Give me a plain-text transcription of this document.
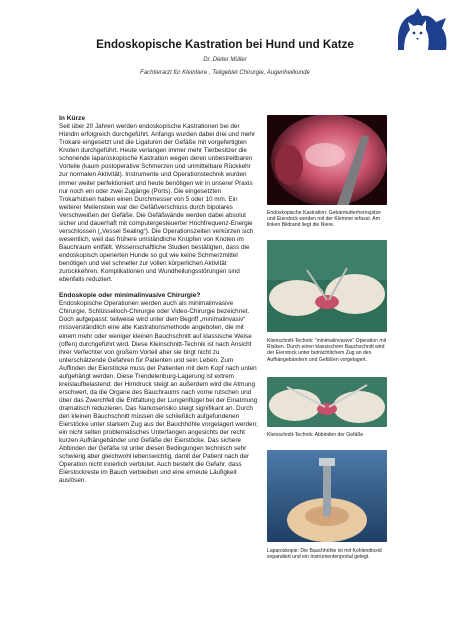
Endoskopische Kastration bei Hund und Katze
Dr. Dieter Müller
Fachtierarzt für Kleintiere , Teilgebiet Chirurgie, Augenheilkunde
In Kürze

Seit über 20 Jahren werden endoskopische Kastrationen bei der Hündin erfolgreich durchgeführt. Anfangs wurden dabei drei und mehr Trokare eingesetzt und die Ligaturen der Gefäße mit vorgefertigten Knoten durchgeführt. Heute verlangen immer mehr Tierbesitzer die schonende laparoskopische Kastration wegen deren unbestreitbaren Vorteile (kaum postoperative Schmerzen und unmittelbare Rückkehr zur normalen Aktivität). Instrumente und Operationstechnik wurden immer weiter perfektioniert und heute benötigen wir in unserer Praxis nur noch ein oder zwei Zugänge (Ports). Die eingesetzten Trokarhülsen haben einen Durchmesser von 5 oder 10 mm. Ein weiterer Meilenstein war der Gefäßverschluss durch bipolares Verschweißen der Gefäße. Die Gefäßwände werden dabei absolut sicher und dauerhaft mit computergesteuerter Hochfrequenz-Energie verschlossen („Vessel Sealing“). Die Operationszeiten verkürzen sich wesentlich, weil das frühere umständliche Knüpfen von Knoten im Bauchraum entfällt. Wissenschaftliche Studien bestätigten, dass die endoskopisch operierten Hunde so gut wie keine Schmerzmittel benötigen und viel schneller zur vollen körperlichen Aktivität zurückkehren. Komplikationen und Wundheilungsstörungen sind ebenfalls reduziert.

Endoskopie oder minimalinvasive Chirurgie?

Endoskopische Operationen werden auch als minimalinvasive Chirurgie, Schlüsselloch-Chirurgie oder Video-Chirurgie bezeichnet. Doch aufgepasst: teilweise wird unter dem Begriff „minimalinvasiv“ missverständlich eine alte Kastrationsmethode angeboten, die mit einem mehr oder weniger kleinen Bauchschnitt auf klassische Weise (offen) durchgeführt wird. Diese Kleinschnitt-Technik ist nach Ansicht ihrer Verfechter von großem Vorteil aber sie birgt nicht zu unterschätzende Gefahren für Patienten und sein Leben. Zum Auffinden der Eierstöcke muss der Patienten mit dem Kopf nach unten aufgehängt werden. Diese Trendelenburg-Lagerung ist extrem kreislaufbelastend: der Hirndruck steigt an außerdem wird die Atmung erschwert, da die Organe des Bauchraums nach vorne rutschen und über das Zwerchfell die Entfaltung der Lungenflügel bei der Einatmung dramatisch reduzieren. Das Narkoserisiko steigt signifikant an. Durch den kleinen Bauchschnitt müssen die schließlich aufgefundenen Eierstöcke unter starkem Zug aus der Bauchhöhle vorgelagert werden; ein nicht selten problematisches Unterfangen angesichts der recht kurzen Aufhängebänder und Gefäße der Eierstöcke. Das sichere Abbinden der Gefäße ist unter diesen Bedingungen technisch sehr schwierig aber gleichwohl lebenswichtig, damit der Patient nach der Operation nicht innerlich verblutet. Auch besteht die Gefahr, dass Eierstockreste im Bauch verbleiben und eine erneute Läufigkeit auslösen.

Endoskopische Kastration: Gebärmutterhornspitze und Eierstock werden mit der Klemme erfasst. Am linken Bildrand liegt die Niere.
Kleinschnitt-Technik: “minimalinvasive” Operation mit Risiken. Durch einen klassischem Bauchschnitt wird der Eierstock unter beträchtlichem Zug an den Aufhängebändern und Gefäßen vorgelagert.
Kleinschnitt-Technik: Abbinden der Gefäße
Laparoskopie: Die Bauchhöhle ist mit Kohlendioxid expandiert und ein Instrumentenportal gelegt.
